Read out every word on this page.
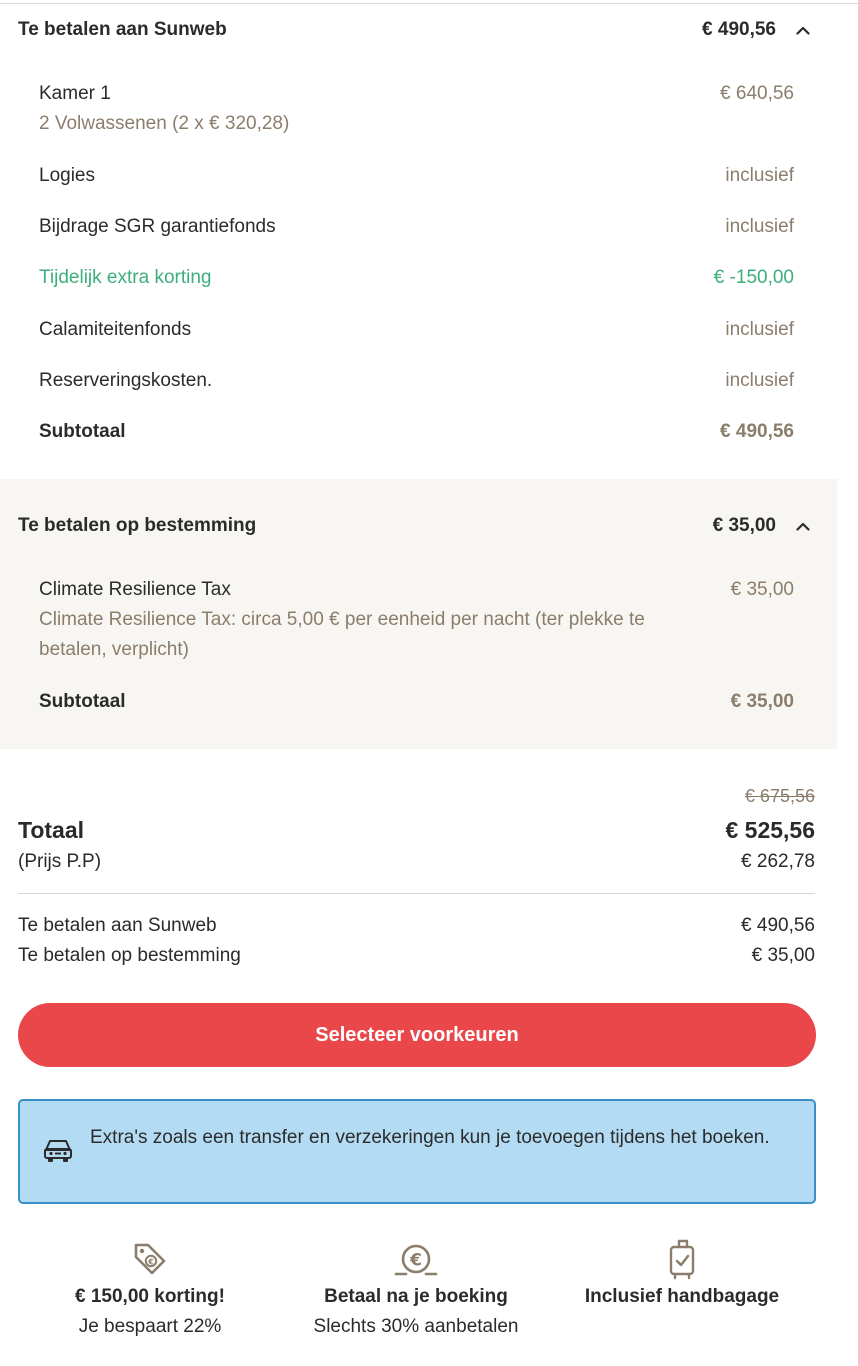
Te betalen aan Sunweb	€ 490,56
Kamer 1	€ 640,56
2 Volwassenen (2 x € 320,28)
Logies	inclusief
Bijdrage SGR garantiefonds	inclusief
Tijdelijk extra korting	€ -150,00
Calamiteitenfonds	inclusief
Reserveringskosten.	inclusief
Subtotaal	€ 490,56
Te betalen op bestemming	€ 35,00
Climate Resilience Tax	€ 35,00
Climate Resilience Tax: circa 5,00 € per eenheid per nacht (ter plekke te
betalen, verplicht)
Subtotaal	€ 35,00
€ 675,56
Totaal	€ 525,56
(Prijs P.P)	€ 262,78
Te betalen aan Sunweb	€ 490,56
Te betalen op bestemming	€ 35,00
Selecteer voorkeuren
Extra's zoals een transfer en verzekeringen kun je toevoegen tijdens het boeken.
€
€ 150,00 korting!
Je bespaart 22%
€
Betaal na je boeking
Slechts 30% aanbetalen
Inclusief handbagage
